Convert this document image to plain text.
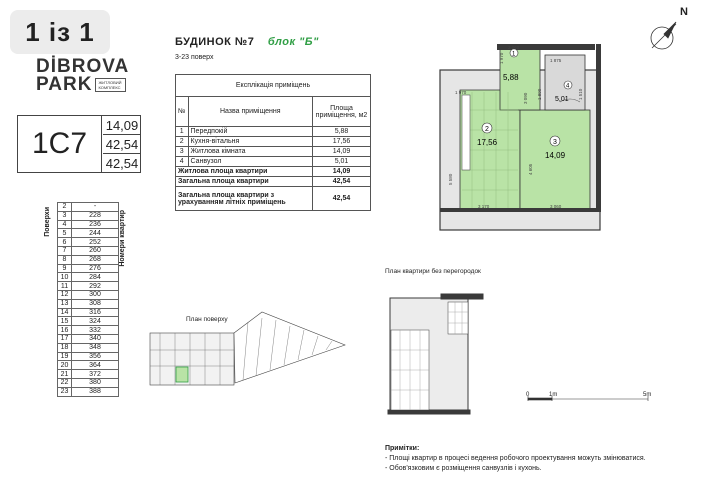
1 із 1
DİBROVA
PARK	ЖИТЛОВИЙ КОМПЛЕКС
1С7
14,09
42,54
42,54
БУДИНОК №7 блок "Б"
3-23 поверх
Експлікація приміщень		
№	Назва приміщення	Площа приміщення, м2
1	Передпокій	5,88
2	Кухня-вітальня	17,56
3	Житлова кімната	14,09
4	Санвузол	5,01
Житлова площа квартири		14,09
Загальна площа квартири		42,54
Загальна площа квартири з урахуванням літніх приміщень		42,54
Поверхи	Номери квартир
2	-
3	228
4	236
5	244
6	252
7	260
8	268
9	276
10	284
11	292
12	300
13	308
14	316
15	324
16	332
17	340
18	348
19	356
20	364
21	372
22	380
23	388
План поверху
План квартири без перегородок
N
0	1m	5m
Примітки:
- Площі квартир в процесі ведення робочого проектування можуть змінюватися.
- Обов'язковим є розміщення санвузлів і кухонь.
1
5,88
2
17,56	3
14,09
4
5,01
2 060
1 970
1 970	1 875
3 090 1 890	1 510
4 605
5 580
3 170	3 060
